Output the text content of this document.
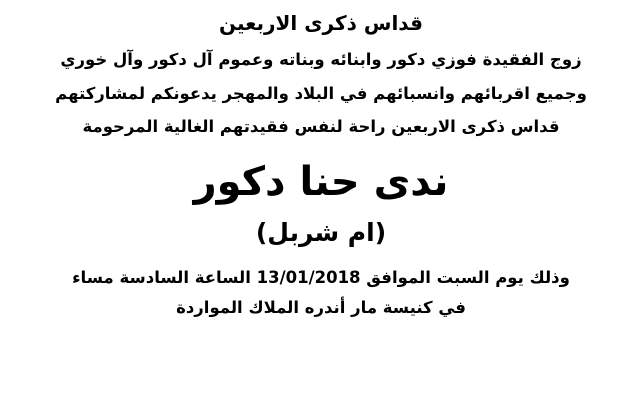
قداس ذكرى الاربعين
زوج الفقيدة فوزي دكور وابنائه وبناته وعموم آل دكور وآل خوري
وجميع اقربائهم وانسبائهم في البلاد والمهجر يدعونكم لمشاركتهم
قداس ذكرى الاربعين راحة لنفس فقيدتهم الغالية المرحومة
ندى حنا دكور
(ام شربل)
وذلك يوم السبت الموافق 13/01/2018 الساعة السادسة مساء
في كنيسة مار أندره الملاك المواردة
